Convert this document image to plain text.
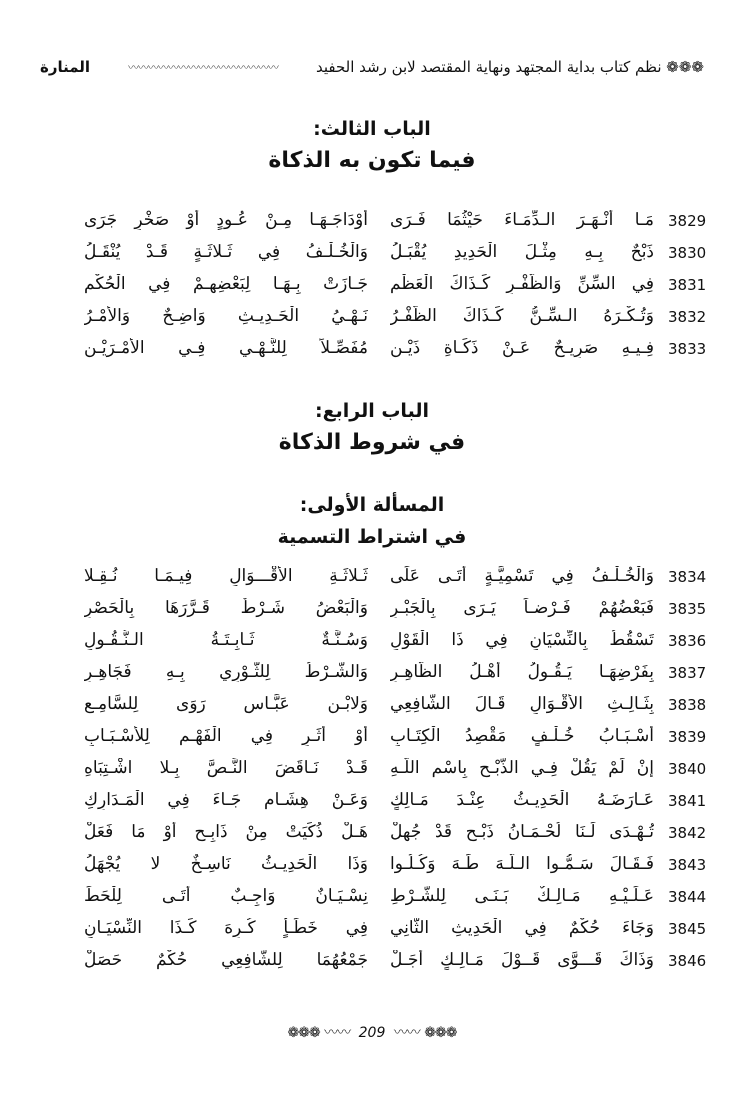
❁❁❁ نظم كتاب بداية المجتهد ونهاية المقتصد لابن رشد الحفيد
〰〰〰〰〰〰〰〰〰〰〰〰〰〰〰
المنارة
الباب الثالث:
فيما تكون به الذكاة
3829
مَـا أَنْـهَـرَ الـدِّمَـاءَ حَيْثُمَا فَـرَى
أَوْدَاجَـهَـا مِـنْ عُـودٍ أَوْ صَخْرٍ جَرَى
3830
ذَبْحٌ بِـهِ مِثْـلَ الْحَدِيدِ يُقْبَـلُ
وَالْخُـلْـفُ فِي ثَـلاثَـةٍ قَـدْ يُنْقَـلُ
3831
فِي السِّنِّ وَالظُّفْـرِ كَـذَاكَ الْعَظْمِ
جَـازَتْ بِـهَـا لِبَعْضِهِـمْ فِي الْحُكْمِ
3832
وَتُـكْـرَهُ الـسِّـنُّ كَـذَاكَ الظُّفْـرُ
نَـهْـيُ الْحَـدِيـثِ وَاضِـحٌ وَالأَمْـرُ
3833
فِـيـهِ صَرِيـحٌ عَـنْ ذَكَـاةِ ذَيْـنِ
مُفَصِّـلاً لِلنَّـهْـيِ فِـي الأَمْـرَيْـنِ
الباب الرابع:
في شروط الذكاة
المسألة الأولى:
في اشتراط التسمية
3834
وَالْخُـلْـفُ فِي تَسْمِيَّـةٍ أَتَـى عَلَى
ثَـلاثَـةِ الأَقْـــوَالِ فِيـمَـا نُـقِـلا
3835
فَبَعْضُهُمْ فَـرْضـاً يَـرَى بِالْجَبْـرِ
وَالْبَعْضُ شَـرْطٌ قَـرَّرَهَا بِالْحَصْرِ
3836
تَسْقُطُ بِالنِّسْيَانِ فِي ذَا الْقَوْلِ
وَسُـنَّـةٌ ثَـابِـتَـةُ الـنُّـقُـولِ
3837
بِفَرْضِهَـا يَـقُـولُ أَهْـلُ الظَّاهِـرِ
وَالشَّـرْطُ لِلثَّـوْرِي بِـهِ فَجَاهِـرِ
3838
بِثَـالِـثِ الأَقْـوَالِ قَـالَ الشَّافِعِي
وَلابْـنِ عَبَّـاسٍ رَوَى لِلسَّامِـعِ
3839
أَسْـبَـابُ خُـلْـفٍ مَقْصِدُ الْكِتَـابِ
أَوْ أَثَـرٍ فِي الْفَهْـمِ لِلأَسْـبَـابِ
3840
إِنْ لَمْ يَقُلْ فِـي الذَّبْـحِ بِاسْمِ اللَّـهِ
قَـدْ نَـاقَضَ النَّـصَّ بِـلا اشْـتِبَاهِ
3841
عَـارَضَـهُ الْحَدِيـثُ عِنْـدَ مَـالِكٍ
وَعَـنْ هِشَـامٍ جَـاءَ فِي الْمَـدَارِكِ
3842
تُـهْـدَى لَـنَا لُحْـمَـانُ ذَبْـحٍ قَدْ جُهِلْ
هَـلْ ذُكِّيَتْ مِنْ ذَابِـحٍ أَوْ مَا فَعَلْ
3843
فَـقَـالَ سَـمُّـوا الـلَّـهَ طَـهَ وَكُـلُـوا
وَذَا الْحَدِيـثُ نَاسِـخٌ لا يُجْهَلُ
3844
عَـلَـيْـهِ مَـالِـكٌ بَـنَـى لِلشَّـرْطِ
نِسْـيَـانٌ وَاجِـبٌ أَتَـى لِلْحَطِّ
3845
وَجَاءَ حُكْمٌ فِي الْحَدِيثِ الثَّانِي
فِي خَطَـأٍ كُـرِهَ كَـذَا النِّسْيَـانِ
3846
وَذَاكَ قَـــوَّى قَــوْلَ مَـالِـكٍ أَجَـلْ
جَمْعُهُمَا لِلشَّافِعِي حُكْمٌ حَصَلْ
❁❁❁ 〰〰 209 〰〰 ❁❁❁
